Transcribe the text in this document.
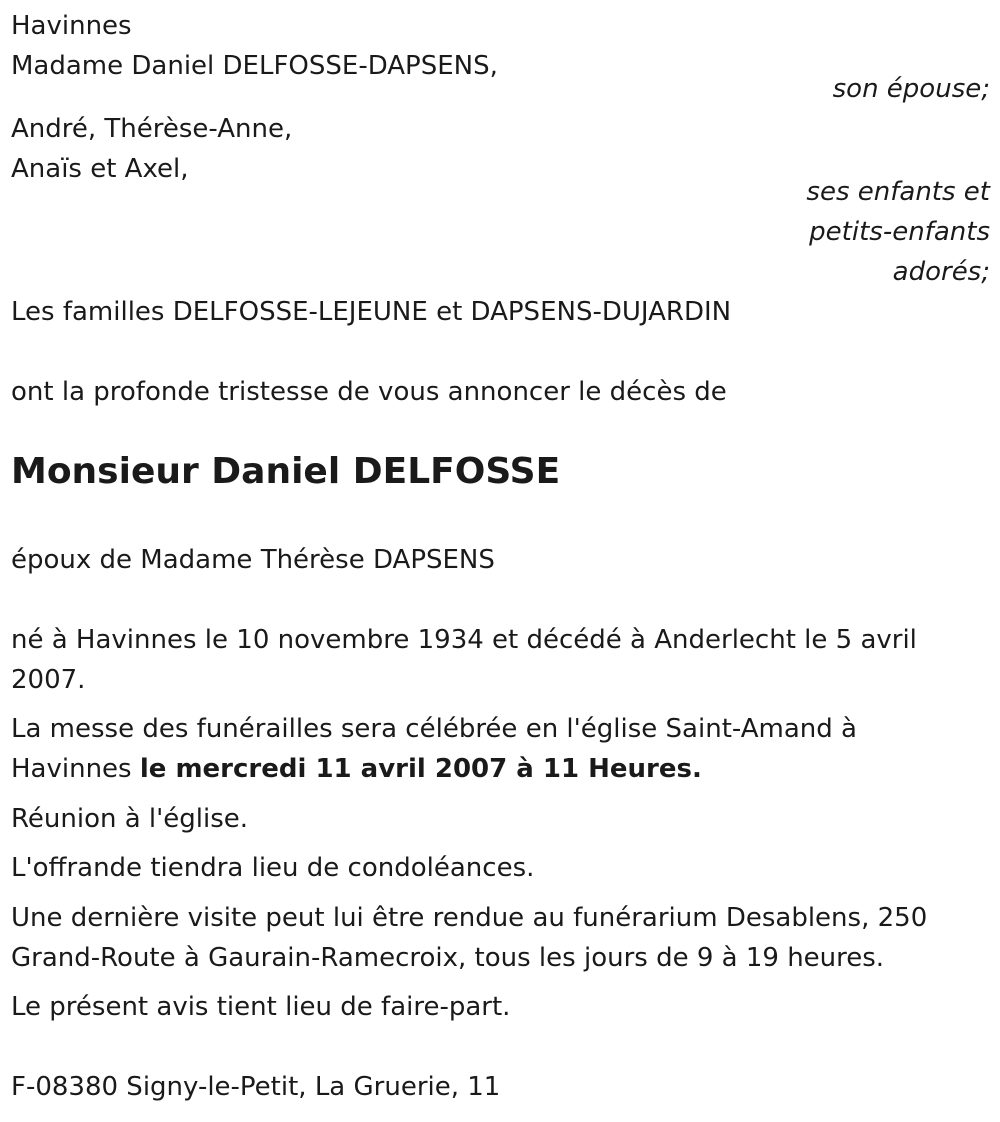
Havinnes
Madame Daniel DELFOSSE-DAPSENS,
son épouse;
André, Thérèse-Anne,
Anaïs et Axel,
ses enfants et
petits-enfants
adorés;
Les familles DELFOSSE-LEJEUNE et DAPSENS-DUJARDIN
ont la profonde tristesse de vous annoncer le décès de
Monsieur Daniel DELFOSSE
époux de Madame Thérèse DAPSENS
né à Havinnes le 10 novembre 1934 et décédé à Anderlecht le 5 avril
2007.
La messe des funérailles sera célébrée en l'église Saint-Amand à
Havinnes le mercredi 11 avril 2007 à 11 Heures.
Réunion à l'église.
L'offrande tiendra lieu de condoléances.
Une dernière visite peut lui être rendue au funérarium Desablens, 250
Grand-Route à Gaurain-Ramecroix, tous les jours de 9 à 19 heures.
Le présent avis tient lieu de faire-part.
F-08380 Signy-le-Petit, La Gruerie, 11
